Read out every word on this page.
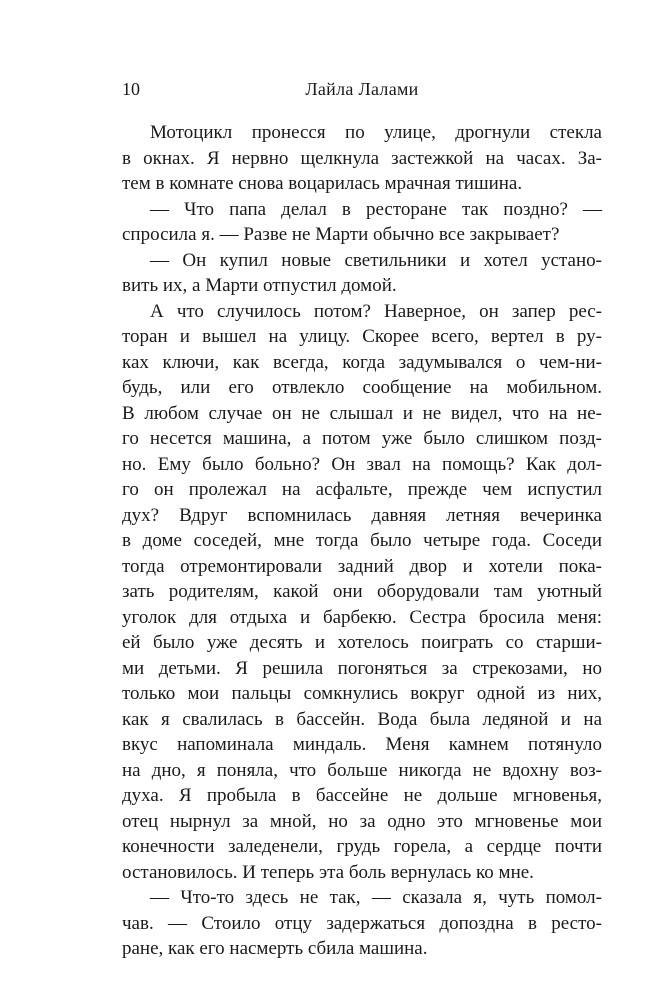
10	Лайла Лалами
Мотоцикл пронесся по улице, дрогнули стекла
в окнах. Я нервно щелкнула застежкой на часах. За-
тем в комнате снова воцарилась мрачная тишина.
— Что папа делал в ресторане так поздно? —
спросила я. — Разве не Марти обычно все закрывает?
— Он купил новые светильники и хотел устано-
вить их, а Марти отпустил домой.
А что случилось потом? Наверное, он запер рес-
торан и вышел на улицу. Скорее всего, вертел в ру-
ках ключи, как всегда, когда задумывался о чем-ни-
будь, или его отвлекло сообщение на мобильном.
В любом случае он не слышал и не видел, что на не-
го несется машина, а потом уже было слишком позд-
но. Ему было больно? Он звал на помощь? Как дол-
го он пролежал на асфальте, прежде чем испустил
дух? Вдруг вспомнилась давняя летняя вечеринка
в доме соседей, мне тогда было четыре года. Соседи
тогда отремонтировали задний двор и хотели пока-
зать родителям, какой они оборудовали там уютный
уголок для отдыха и барбекю. Сестра бросила меня:
ей было уже десять и хотелось поиграть со старши-
ми детьми. Я решила погоняться за стрекозами, но
только мои пальцы сомкнулись вокруг одной из них,
как я свалилась в бассейн. Вода была ледяной и на
вкус напоминала миндаль. Меня камнем потянуло
на дно, я поняла, что больше никогда не вдохну воз-
духа. Я пробыла в бассейне не дольше мгновенья,
отец нырнул за мной, но за одно это мгновенье мои
конечности заледенели, грудь горела, а сердце почти
остановилось. И теперь эта боль вернулась ко мне.
— Что-то здесь не так, — сказала я, чуть помол-
чав. — Стоило отцу задержаться допоздна в ресто-
ране, как его насмерть сбила машина.
